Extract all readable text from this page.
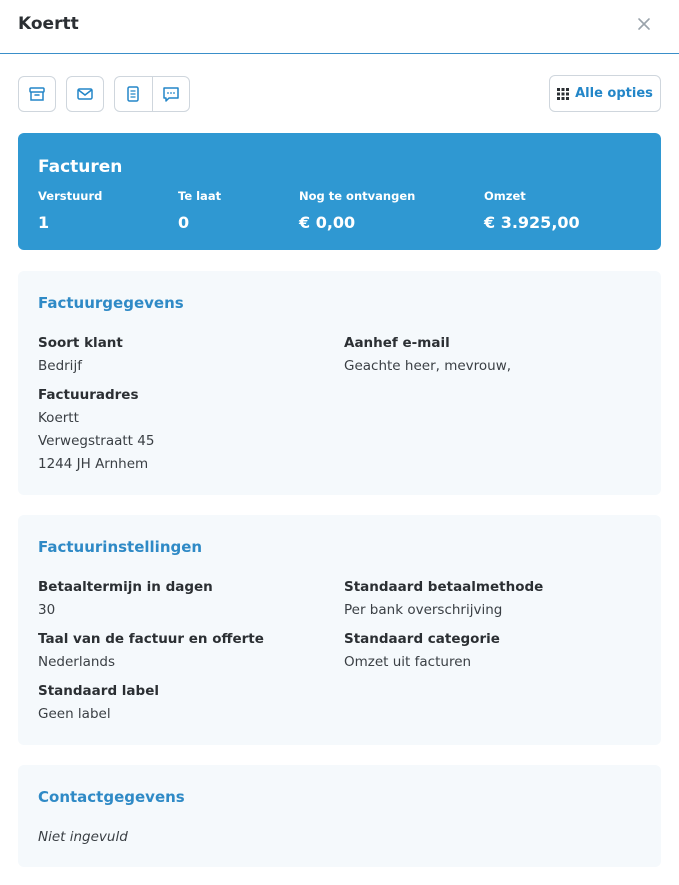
Koertt
Alle opties
Facturen
Verstuurd
1
Te laat
0
Nog te ontvangen
€ 0,00
Omzet
€ 3.925,00
Factuurgegevens
Soort klant
Bedrijf
Aanhef e-mail
Geachte heer, mevrouw,
Factuuradres
Koertt
Verwegstraatt 45
1244 JH Arnhem
Factuurinstellingen
Betaaltermijn in dagen
30
Standaard betaalmethode
Per bank overschrijving
Taal van de factuur en offerte
Nederlands
Standaard categorie
Omzet uit facturen
Standaard label
Geen label
Contactgegevens
Niet ingevuld
